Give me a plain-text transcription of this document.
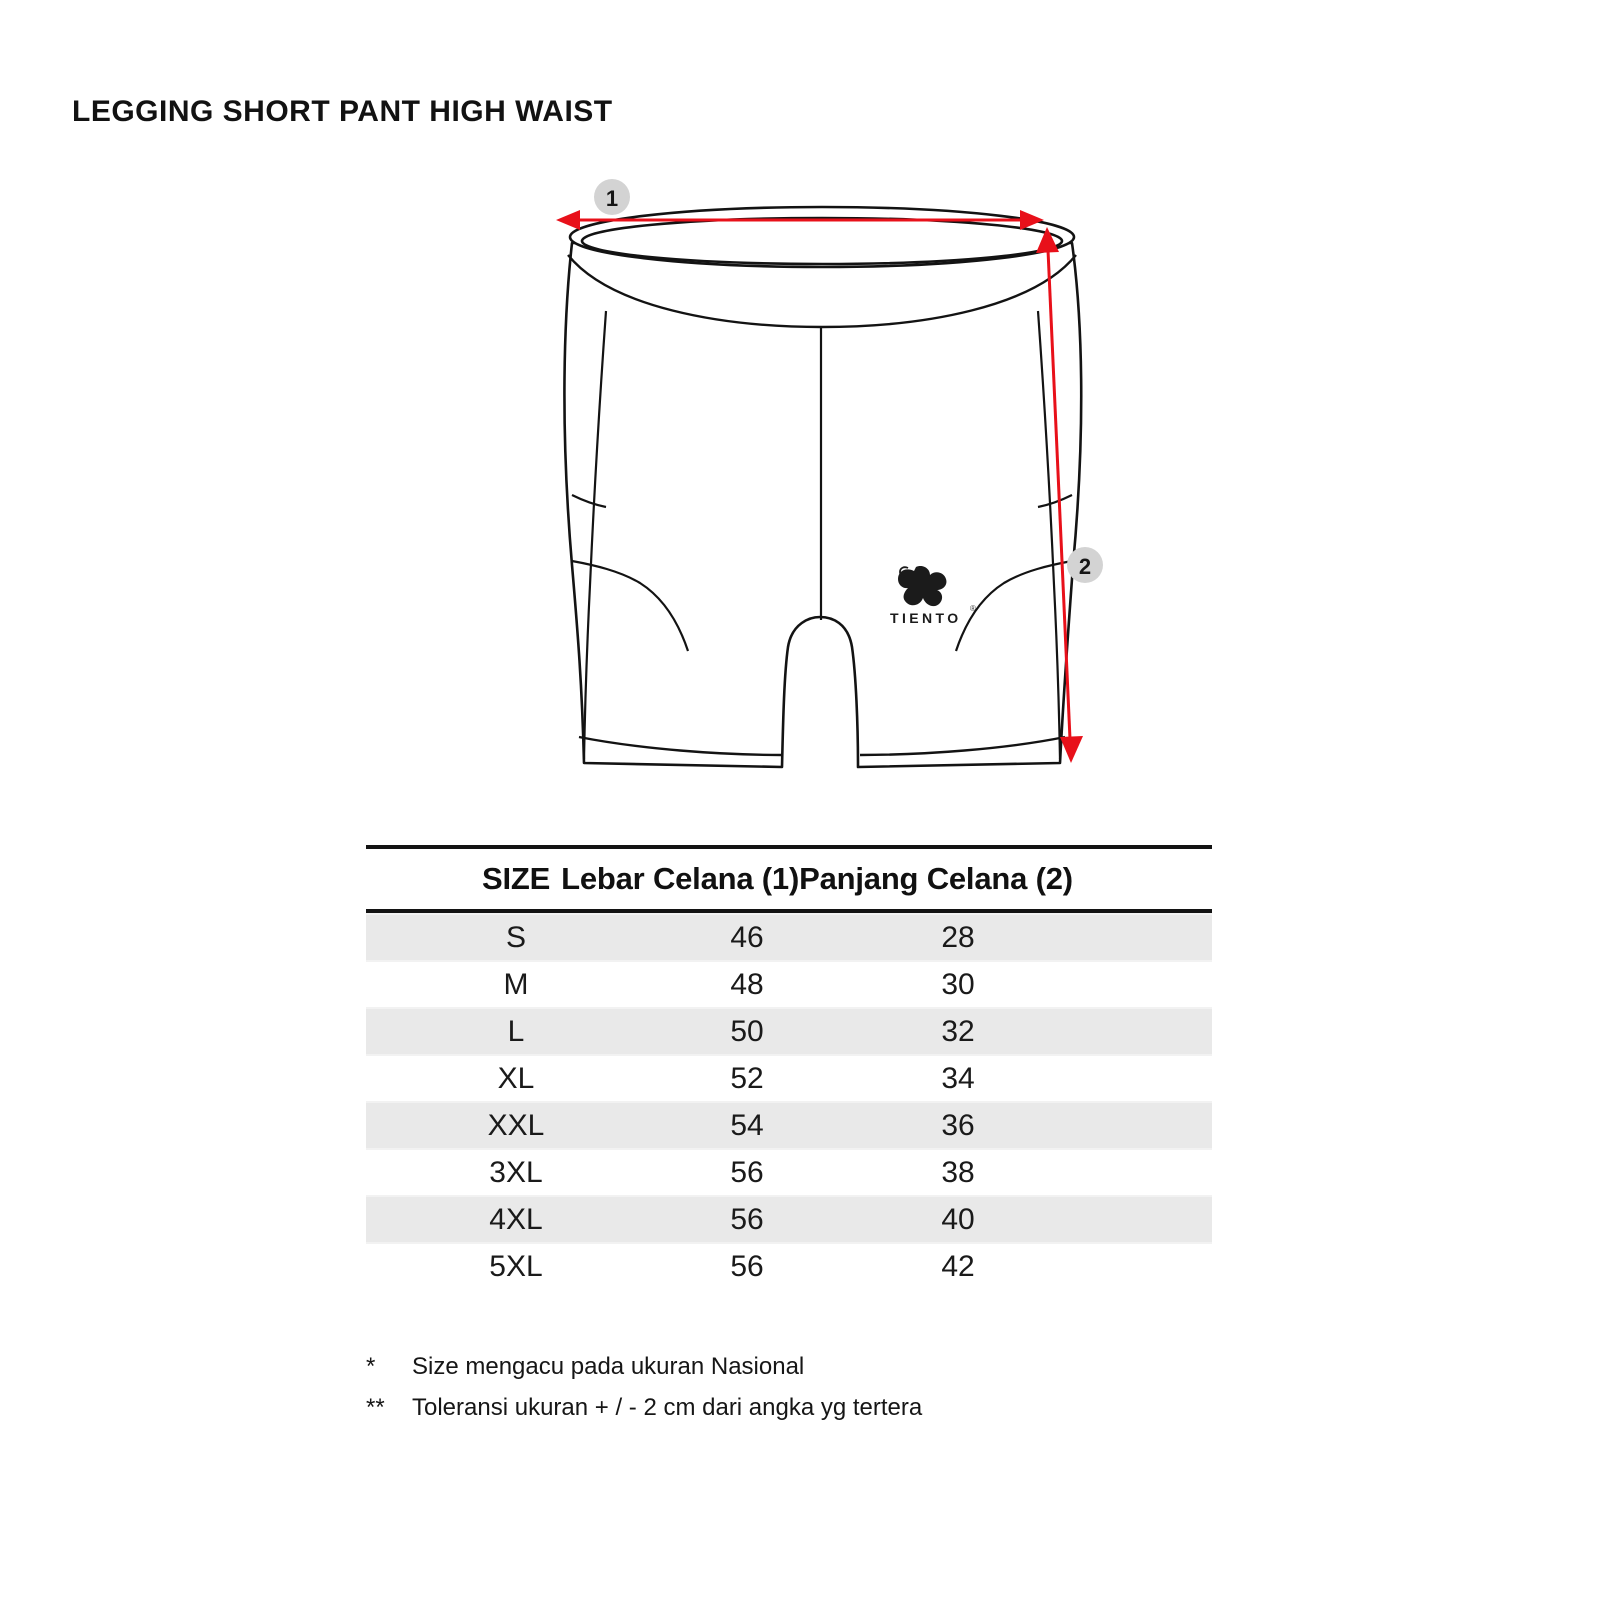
LEGGING SHORT PANT HIGH WAIST
TIENTO
®
1
2
SIZE Lebar Celana (1) Panjang Celana (2)
S	46	28
M	48	30
L	50	32
XL	52	34
XXL	54	36
3XL	56	38
4XL	56	40
5XL	56	42
*	Size mengacu pada ukuran Nasional
**	Toleransi ukuran + / - 2 cm dari angka yg tertera
